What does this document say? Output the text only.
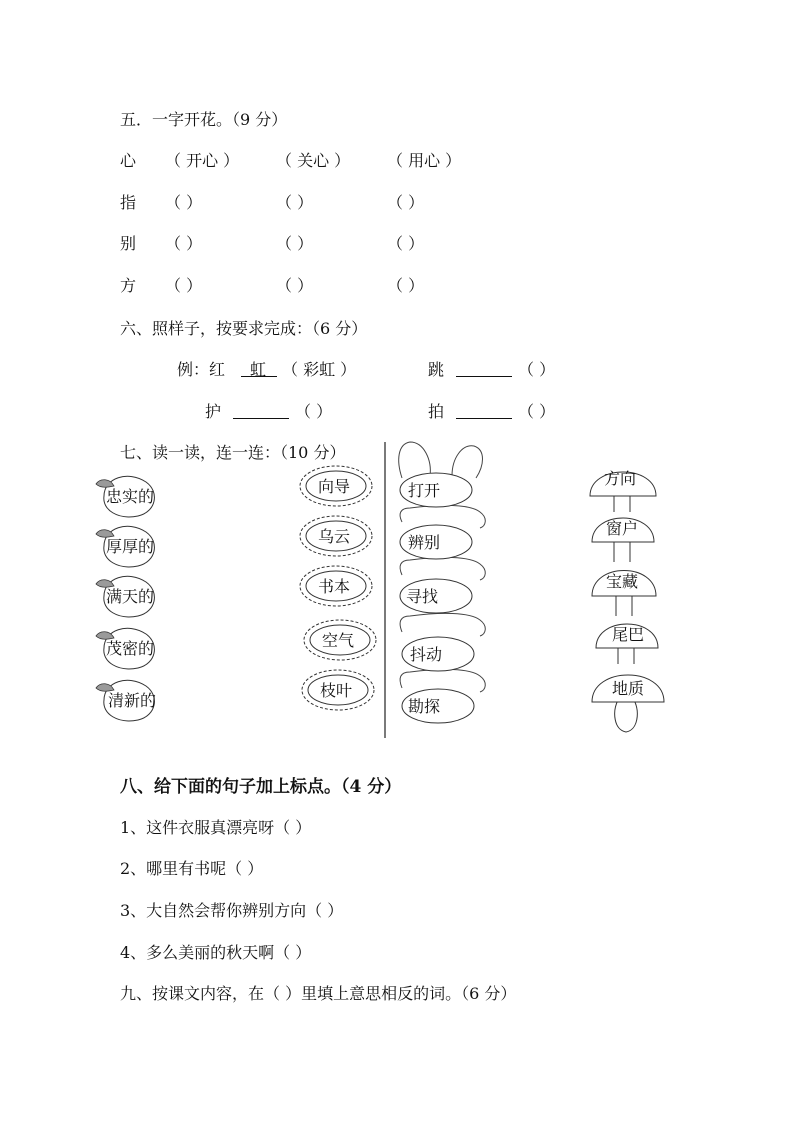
五．一字开花。（9 分）
心 （ 开心 ） （ 关心 ） （ 用心 ）
指 （ ）	（ ）	（ ）
别 （ ）	（ ）	（ ）
方 （ ）	（ ）	（ ）
六、照样子，按要求完成：（6 分）
例：红 虹 （ 彩虹 ）	跳	（ ）
护	（ ）	拍	（ ）
七、读一读，连一连：（10 分）
忠实的
厚厚的
满天的
茂密的
清新的
向导
乌云
书本
空气
枝叶
打开
辨别
寻找
抖动
勘探
方向
窗户
宝藏
尾巴
地质
八、给下面的句子加上标点。（4 分）
1、这件衣服真漂亮呀（ ）
2、哪里有书呢（ ）
3、大自然会帮你辨别方向（ ）
4、多么美丽的秋天啊（ ）
九、按课文内容，在（ ）里填上意思相反的词。（6 分）
